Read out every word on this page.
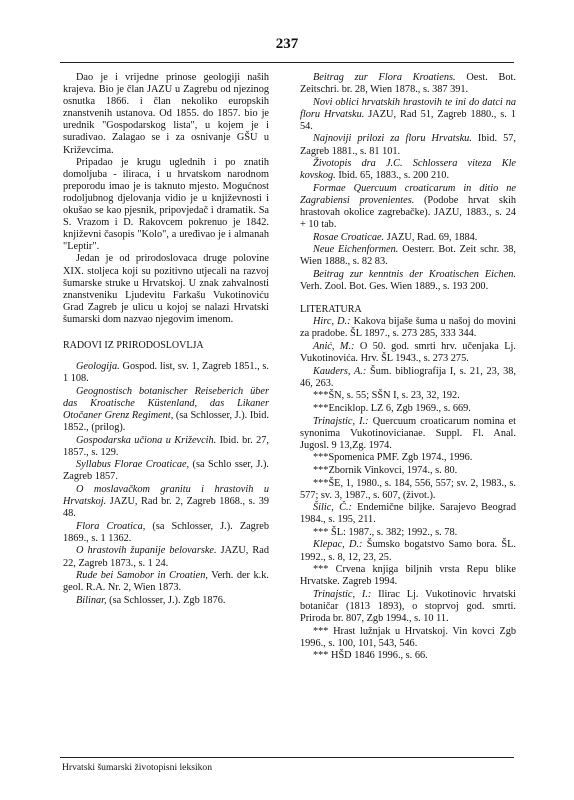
237

Dao je i vrijedne prinose geologiji naših krajeva. Bio je član JAZU u Zagrebu od njezinog osnutka 1866. i član nekoliko europskih znanstvenih ustanova. Od 1855. do 1857. bio je urednik "Gospodarskog lista", u kojem je i suradivao. Zalagao se i za osnivanje GŠU u Križevcima.

Pripadao je krugu uglednih i po znatih domoljuba - iliraca, i u hrvatskom narodnom preporodu imao je is taknuto mjesto. Mogućnost rodoljubnog djelovanja vidio je u književnosti i okušao se kao pjesnik, pripovjedač i dramatik. Sa S. Vrazom i D. Rakovcem pokrenuo je 1842. književni časopis "Kolo", a uređivao je i almanah "Leptir".

Jedan je od prirodoslovaca druge polovine XIX. stoljeca koji su pozitivno utjecali na razvoj šumarske struke u Hrvatskoj. U znak zahvalnosti znanstveniku Ljudevitu Farkašu Vukotinoviću Grad Zagreb je ulicu u kojoj se nalazi Hrvatski šumarski dom nazvao njegovim imenom.

RADOVI IZ PRIRODOSLOVLJA

Geologija. Gospod. list, sv. 1, Zagreb 1851., s. 1 108.

Geognostisch botanischer Reiseberich über das Kroatische Küstenland, das Likaner Otočaner Grenz Regiment, (sa Schlosser, J.). Ibid. 1852., (prilog).

Gospodarska učiona u Križevcih. Ibid. br. 27, 1857., s. 129.

Syllabus Florae Croaticae, (sa Schlo sser, J.). Zagreb 1857.

O moslavačkom granitu i hrastovih u Hrvatskoj. JAZU, Rad br. 2, Zagreb 1868., s. 39 48.

Flora Croatica, (sa Schlosser, J.). Zagreb 1869., s. 1 1362.

O hrastovih županije belovarske. JAZU, Rad 22, Zagreb 1873., s. 1 24.

Rude bei Samobor in Croatien, Verh. der k.k. geol. R.A. Nr. 2, Wien 1873.

Bilinar, (sa Schlosser, J.). Zgb 1876.

Beitrag zur Flora Kroatiens. Oest. Bot. Zeitschri. br. 28, Wien 1878., s. 387 391.

Novi oblici hrvatskih hrastovih te ini do datci na floru Hrvatsku. JAZU, Rad 51, Zagreb 1880., s. 1 54.

Najnoviji prilozi za floru Hrvatsku. Ibid. 57, Zagreb 1881., s. 81 101.

Životopis dra J.C. Schlossera viteza Kle kovskog. Ibid. 65, 1883., s. 200 210.

Formae Quercuum croaticarum in ditio ne Zagrabiensi provenientes. (Podobe hrvat skih hrastovah okolice zagrebačke). JAZU, 1883., s. 24 + 10 tab.

Rosae Croaticae. JAZU, Rad. 69, 1884.

Neue Eichenformen. Oesterr. Bot. Zeit schr. 38, Wien 1888., s. 82 83.

Beitrag zur kenntnis der Kroatischen Eichen. Verh. Zool. Bot. Ges. Wien 1889., s. 193 200.

LITERATURA

Hirc, D.: Kakova bijaše šuma u našoj do movini za pradobe. ŠL 1897., s. 273 285, 333 344.

Anić, M.: O 50. god. smrti hrv. učenjaka Lj. Vukotinovića. Hrv. ŠL 1943., s. 273 275.

Kauders, A.: Šum. bibliografija I, s. 21, 23, 38, 46, 263.

***ŠN, s. 55; SŠN I, s. 23, 32, 192.

***Enciklop. LZ 6, Zgb 1969., s. 669.

Trinajstic, I.: Quercuum croaticarum nomina et synonima Vukotinovicianae. Suppl. Fl. Anal. Jugosl. 9 13,Zg. 1974.

***Spomenica PMF. Zgb 1974., 1996.

***Zbornik Vinkovci, 1974., s. 80.

***ŠE, 1, 1980., s. 184, 556, 557; sv. 2, 1983., s. 577; sv. 3, 1987., s. 607, (život.).

Šilic, Č.: Endemične biljke. Sarajevo Beograd 1984., s. 195, 211.

*** ŠL: 1987., s. 382; 1992., s. 78.

Klepac, D.: Šumsko bogatstvo Samo bora. ŠL. 1992., s. 8, 12, 23, 25.

*** Crvena knjiga biljnih vrsta Repu blike Hrvatske. Zagreb 1994.

Trinajstic, I.: Ilirac Lj. Vukotinovic hrvatski botaničar (1813 1893), o stoprvoj god. smrti. Priroda br. 807, Zgb 1994., s. 10 11.

*** Hrast lužnjak u Hrvatskoj. Vin kovci Zgb 1996., s. 100, 101, 543, 546.

*** HŠD 1846 1996., s. 66.

Hrvatski šumarski životopisni leksikon
